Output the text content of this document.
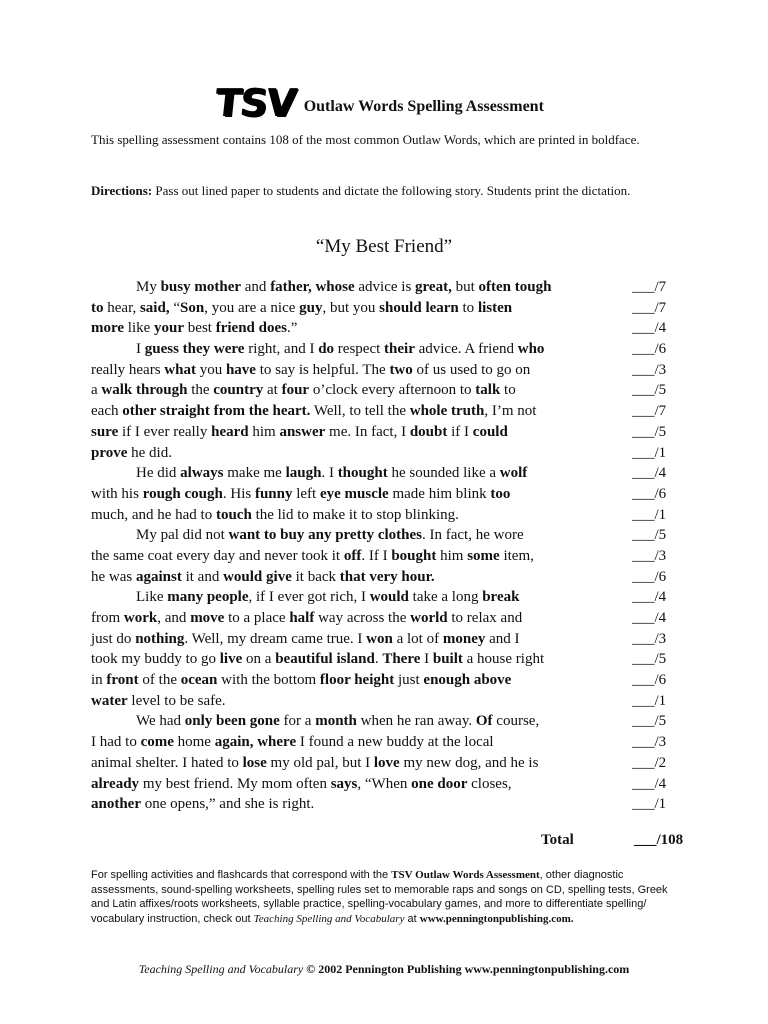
TSV Outlaw Words Spelling Assessment

This spelling assessment contains 108 of the most common Outlaw Words, which are printed in boldface.

Directions: Pass out lined paper to students and dictate the following story. Students print the dictation.

“My Best Friend”
My busy mother and father, whose advice is great, but often tough	___/7
to hear, said, “Son, you are a nice guy, but you should learn to listen	___/7
more like your best friend does.”	___/4
I guess they were right, and I do respect their advice. A friend who	___/6
really hears what you have to say is helpful. The two of us used to go on	___/3
a walk through the country at four o’clock every afternoon to talk to	___/5
each other straight from the heart. Well, to tell the whole truth, I’m not	___/7
sure if I ever really heard him answer me. In fact, I doubt if I could	___/5
prove he did.	___/1
He did always make me laugh. I thought he sounded like a wolf	___/4
with his rough cough. His funny left eye muscle made him blink too	___/6
much, and he had to touch the lid to make it to stop blinking.	___/1
My pal did not want to buy any pretty clothes. In fact, he wore	___/5
the same coat every day and never took it off. If I bought him some item,	___/3
he was against it and would give it back that very hour.	___/6
Like many people, if I ever got rich, I would take a long break	___/4
from work, and move to a place half way across the world to relax and	___/4
just do nothing. Well, my dream came true. I won a lot of money and I	___/3
took my buddy to go live on a beautiful island. There I built a house right	___/5
in front of the ocean with the bottom floor height just enough above	___/6
water level to be safe.	___/1
We had only been gone for a month when he ran away. Of course,	___/5
I had to come home again, where I found a new buddy at the local	___/3
animal shelter. I hated to lose my old pal, but I love my new dog, and he is	___/2
already my best friend. My mom often says, “When one door closes,	___/4
another one opens,” and she is right.	___/1
Total	___/108
For spelling activities and flashcards that correspond with the TSV Outlaw Words Assessment, other diagnostic assessments, sound-spelling worksheets, spelling rules set to memorable raps and songs on CD, spelling tests, Greek and Latin affixes/roots worksheets, syllable practice, spelling-vocabulary games, and more to differentiate spelling/ vocabulary instruction, check out Teaching Spelling and Vocabulary at www.penningtonpublishing.com.
Teaching Spelling and Vocabulary © 2002 Pennington Publishing www.penningtonpublishing.com
